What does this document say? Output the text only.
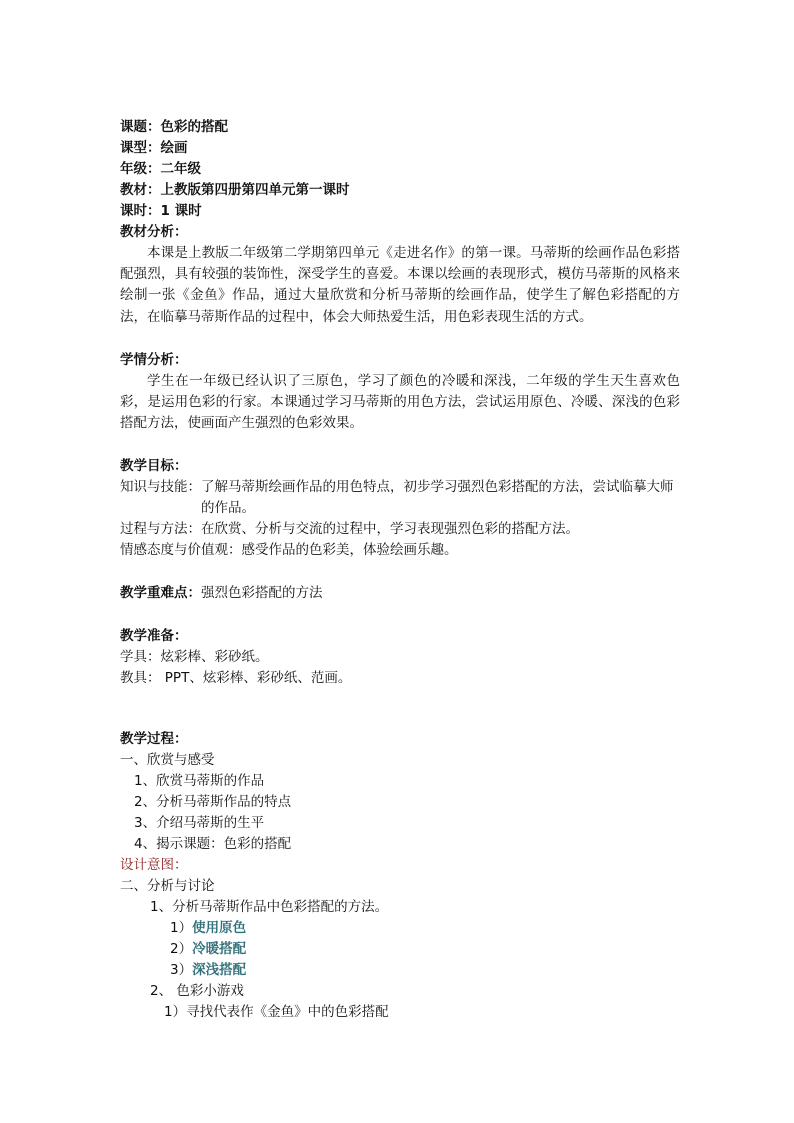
课题：色彩的搭配
课型：绘画
年级：二年级
教材：上教版第四册第四单元第一课时
课时：1 课时
教材分析：
本课是上教版二年级第二学期第四单元《走进名作》的第一课。马蒂斯的绘画作品色彩搭配强烈，具有较强的装饰性，深受学生的喜爱。本课以绘画的表现形式，模仿马蒂斯的风格来绘制一张《金鱼》作品，通过大量欣赏和分析马蒂斯的绘画作品，使学生了解色彩搭配的方法，在临摹马蒂斯作品的过程中，体会大师热爱生活，用色彩表现生活的方式。
学情分析：
学生在一年级已经认识了三原色，学习了颜色的冷暖和深浅，二年级的学生天生喜欢色彩，是运用色彩的行家。本课通过学习马蒂斯的用色方法，尝试运用原色、冷暖、深浅的色彩搭配方法，使画面产生强烈的色彩效果。
教学目标：
知识与技能： 了解马蒂斯绘画作品的用色特点，初步学习强烈色彩搭配的方法，尝试临摹大师的作品。
过程与方法：在欣赏、分析与交流的过程中，学习表现强烈色彩的搭配方法。
情感态度与价值观：感受作品的色彩美，体验绘画乐趣。
教学重难点：强烈色彩搭配的方法
教学准备：
学具：炫彩棒、彩砂纸。
教具： PPT、炫彩棒、彩砂纸、范画。
教学过程：
一、欣赏与感受
1、欣赏马蒂斯的作品
2、分析马蒂斯作品的特点
3、介绍马蒂斯的生平
4、揭示课题：色彩的搭配
设计意图：
二、分析与讨论
1、分析马蒂斯作品中色彩搭配的方法。
1）使用原色
2）冷暖搭配
3）深浅搭配
2、 色彩小游戏
1）寻找代表作《金鱼》中的色彩搭配
